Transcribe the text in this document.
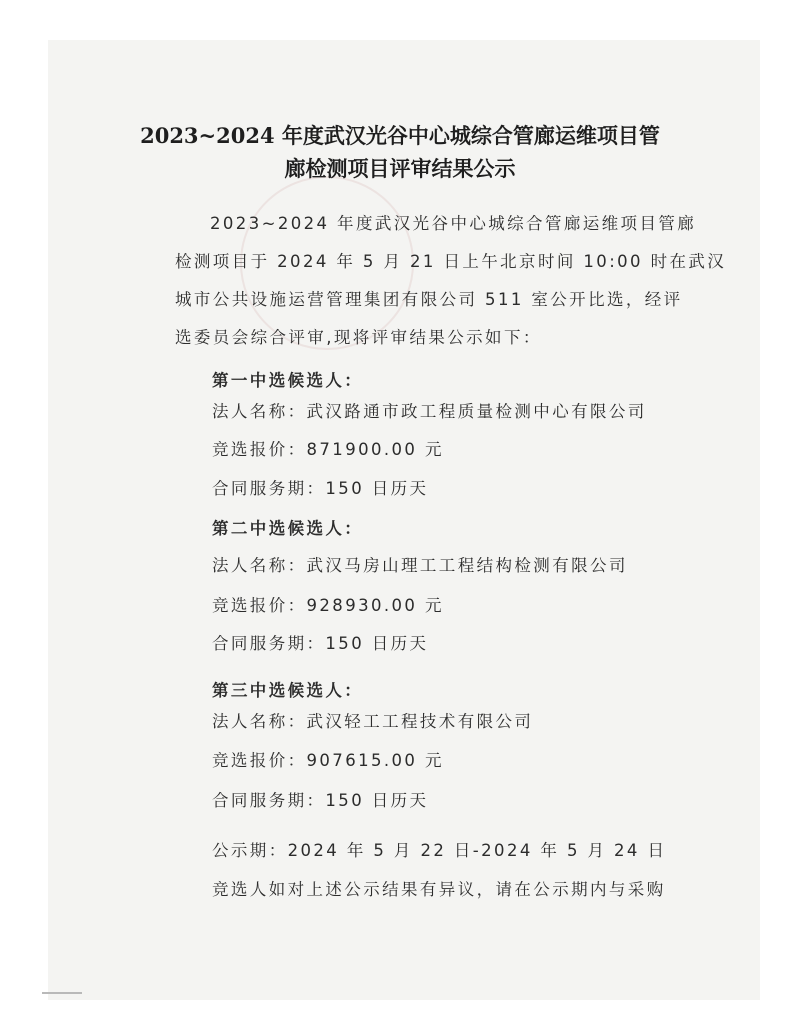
2023~2024 年度武汉光谷中心城综合管廊运维项目管
廊检测项目评审结果公示
2023~2024 年度武汉光谷中心城综合管廊运维项目管廊
检测项目于 2024 年 5 月 21 日上午北京时间 10:00 时在武汉
城市公共设施运营管理集团有限公司 511 室公开比选，经评
选委员会综合评审,现将评审结果公示如下：
第一中选候选人：
法人名称：武汉路通市政工程质量检测中心有限公司
竞选报价：871900.00 元
合同服务期：150 日历天
第二中选候选人：
法人名称：武汉马房山理工工程结构检测有限公司
竞选报价：928930.00 元
合同服务期：150 日历天
第三中选候选人：
法人名称：武汉轻工工程技术有限公司
竞选报价：907615.00 元
合同服务期：150 日历天
公示期：2024 年 5 月 22 日-2024 年 5 月 24 日
竞选人如对上述公示结果有异议，请在公示期内与采购
